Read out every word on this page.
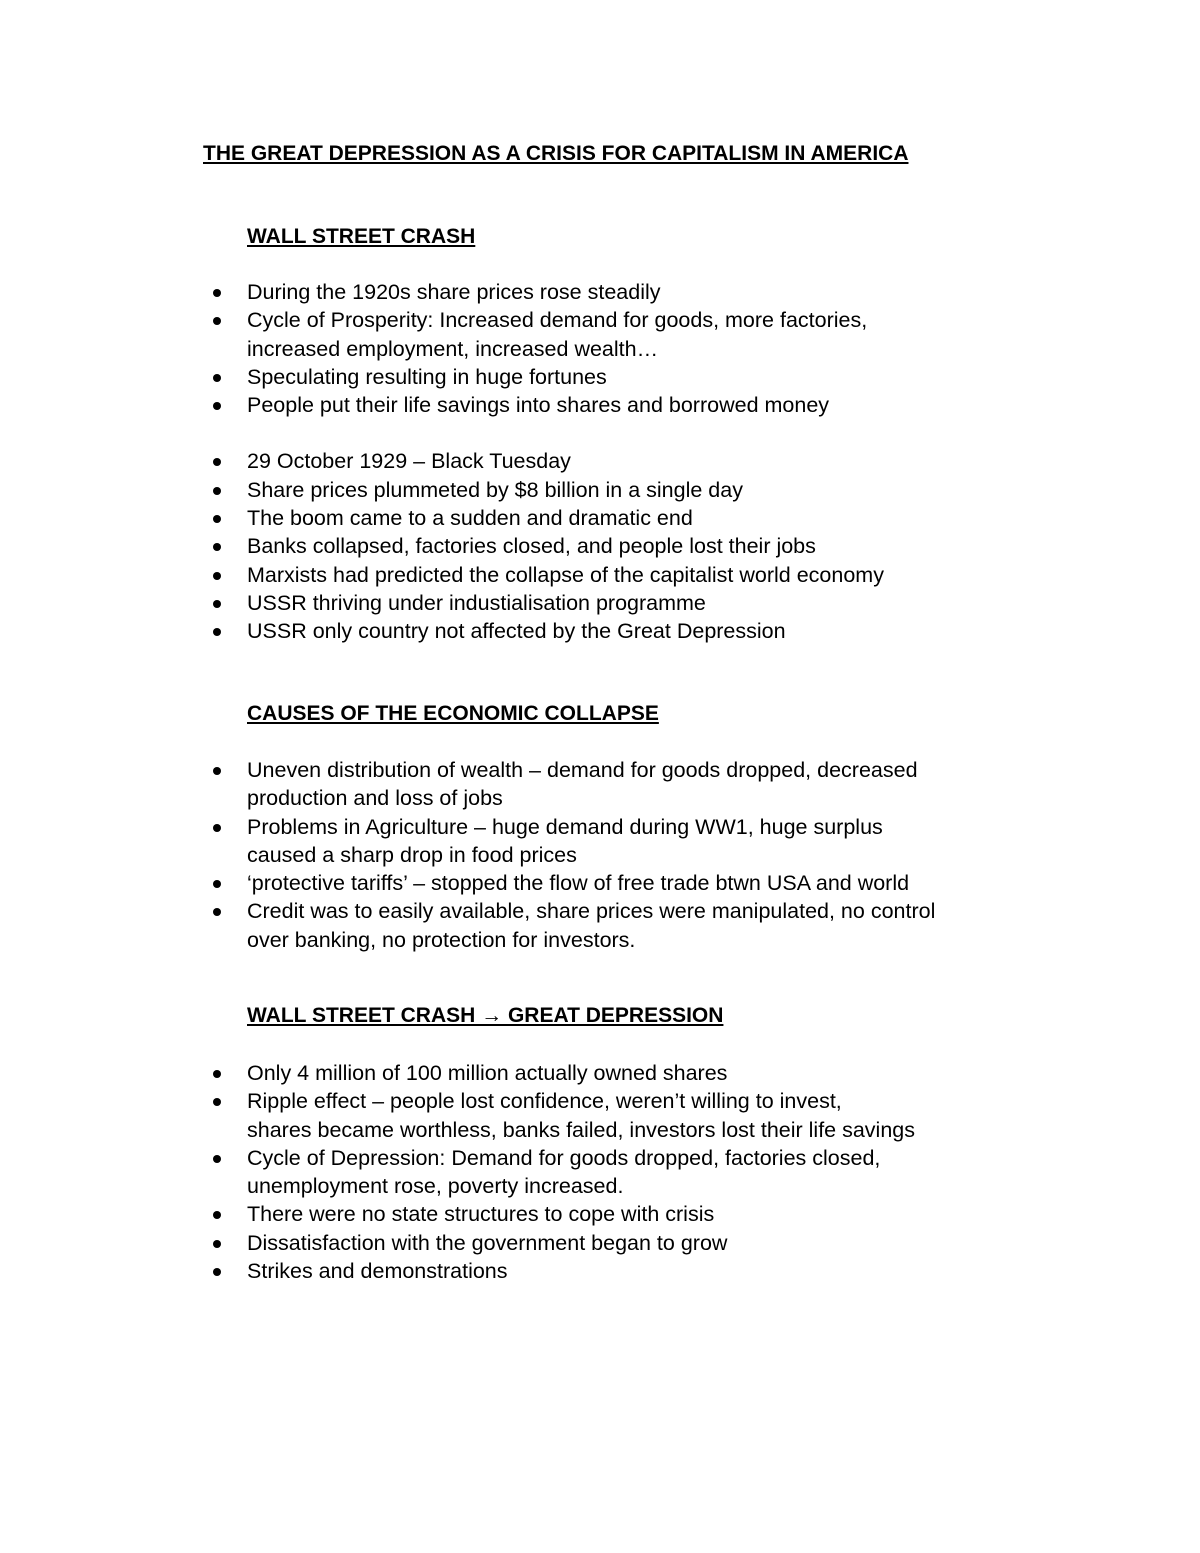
THE GREAT DEPRESSION AS A CRISIS FOR CAPITALISM IN AMERICA
WALL STREET CRASH
During the 1920s share prices rose steadily
Cycle of Prosperity: Increased demand for goods, more factories,
increased employment, increased wealth…
Speculating resulting in huge fortunes
People put their life savings into shares and borrowed money
29 October 1929 – Black Tuesday
Share prices plummeted by $8 billion in a single day
The boom came to a sudden and dramatic end
Banks collapsed, factories closed, and people lost their jobs
Marxists had predicted the collapse of the capitalist world economy
USSR thriving under industialisation programme
USSR only country not affected by the Great Depression
CAUSES OF THE ECONOMIC COLLAPSE
Uneven distribution of wealth – demand for goods dropped, decreased
production and loss of jobs
Problems in Agriculture – huge demand during WW1, huge surplus
caused a sharp drop in food prices
‘protective tariffs’ – stopped the flow of free trade btwn USA and world
Credit was to easily available, share prices were manipulated, no control
over banking, no protection for investors.
WALL STREET CRASH → GREAT DEPRESSION
Only 4 million of 100 million actually owned shares
Ripple effect – people lost confidence, weren’t willing to invest,
shares became worthless, banks failed, investors lost their life savings
Cycle of Depression: Demand for goods dropped, factories closed,
unemployment rose, poverty increased.
There were no state structures to cope with crisis
Dissatisfaction with the government began to grow
Strikes and demonstrations
